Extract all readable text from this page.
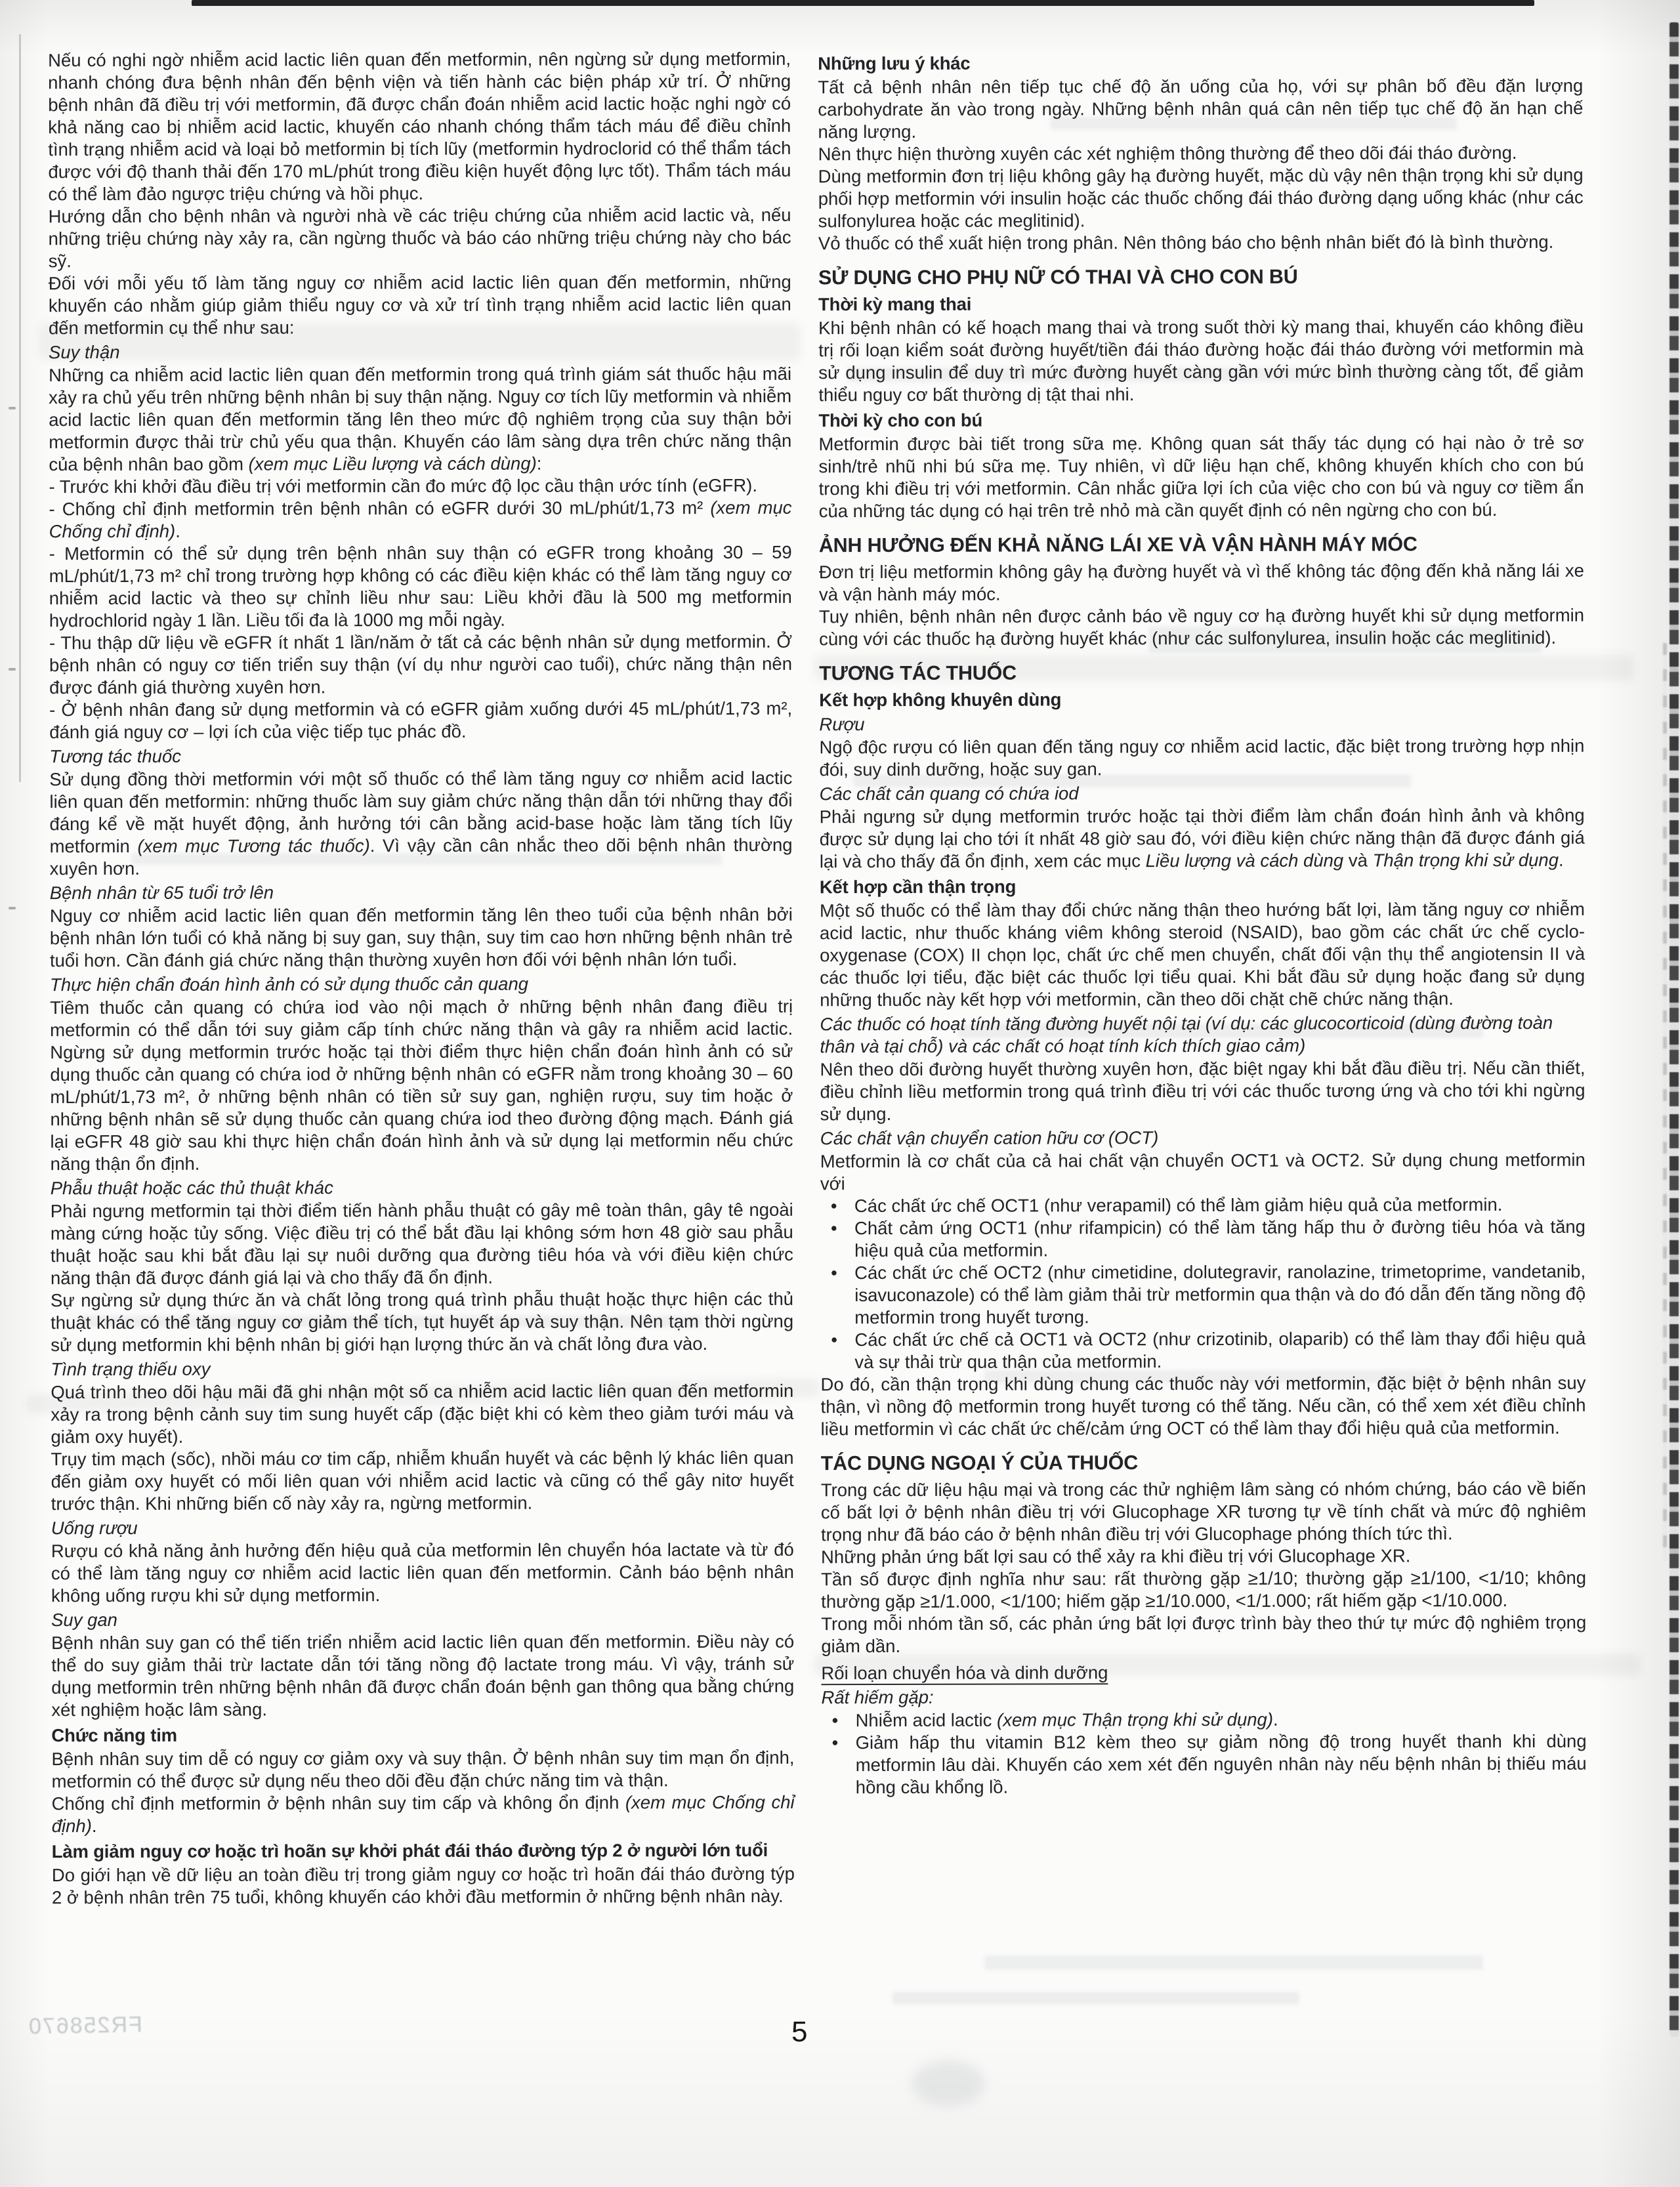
Nếu có nghi ngờ nhiễm acid lactic liên quan đến metformin, nên ngừng sử dụng metformin, nhanh chóng đưa bệnh nhân đến bệnh viện và tiến hành các biện pháp xử trí. Ở những bệnh nhân đã điều trị với metformin, đã được chẩn đoán nhiễm acid lactic hoặc nghi ngờ có khả năng cao bị nhiễm acid lactic, khuyến cáo nhanh chóng thẩm tách máu để điều chỉnh tình trạng nhiễm acid và loại bỏ metformin bị tích lũy (metformin hydroclorid có thể thẩm tách được với độ thanh thải đến 170 mL/phút trong điều kiện huyết động lực tốt). Thẩm tách máu có thể làm đảo ngược triệu chứng và hồi phục.
Hướng dẫn cho bệnh nhân và người nhà về các triệu chứng của nhiễm acid lactic và, nếu những triệu chứng này xảy ra, cần ngừng thuốc và báo cáo những triệu chứng này cho bác sỹ.
Đối với mỗi yếu tố làm tăng nguy cơ nhiễm acid lactic liên quan đến metformin, những khuyến cáo nhằm giúp giảm thiểu nguy cơ và xử trí tình trạng nhiễm acid lactic liên quan đến metformin cụ thể như sau:
Suy thận
Những ca nhiễm acid lactic liên quan đến metformin trong quá trình giám sát thuốc hậu mãi xảy ra chủ yếu trên những bệnh nhân bị suy thận nặng. Nguy cơ tích lũy metformin và nhiễm acid lactic liên quan đến metformin tăng lên theo mức độ nghiêm trọng của suy thận bởi metformin được thải trừ chủ yếu qua thận. Khuyến cáo lâm sàng dựa trên chức năng thận của bệnh nhân bao gồm (xem mục Liều lượng và cách dùng):
- Trước khi khởi đầu điều trị với metformin cần đo mức độ lọc cầu thận ước tính (eGFR).
- Chống chỉ định metformin trên bệnh nhân có eGFR dưới 30 mL/phút/1,73 m² (xem mục Chống chỉ định).
- Metformin có thể sử dụng trên bệnh nhân suy thận có eGFR trong khoảng 30 – 59 mL/phút/1,73 m² chỉ trong trường hợp không có các điều kiện khác có thể làm tăng nguy cơ nhiễm acid lactic và theo sự chỉnh liều như sau: Liều khởi đầu là 500 mg metformin hydrochlorid ngày 1 lần. Liều tối đa là 1000 mg mỗi ngày.
- Thu thập dữ liệu về eGFR ít nhất 1 lần/năm ở tất cả các bệnh nhân sử dụng metformin. Ở bệnh nhân có nguy cơ tiến triển suy thận (ví dụ như người cao tuổi), chức năng thận nên được đánh giá thường xuyên hơn.
- Ở bệnh nhân đang sử dụng metformin và có eGFR giảm xuống dưới 45 mL/phút/1,73 m², đánh giá nguy cơ – lợi ích của việc tiếp tục phác đồ.
Tương tác thuốc
Sử dụng đồng thời metformin với một số thuốc có thể làm tăng nguy cơ nhiễm acid lactic liên quan đến metformin: những thuốc làm suy giảm chức năng thận dẫn tới những thay đổi đáng kể về mặt huyết động, ảnh hưởng tới cân bằng acid-base hoặc làm tăng tích lũy metformin (xem mục Tương tác thuốc). Vì vậy cần cân nhắc theo dõi bệnh nhân thường xuyên hơn.
Bệnh nhân từ 65 tuổi trở lên
Nguy cơ nhiễm acid lactic liên quan đến metformin tăng lên theo tuổi của bệnh nhân bởi bệnh nhân lớn tuổi có khả năng bị suy gan, suy thận, suy tim cao hơn những bệnh nhân trẻ tuổi hơn. Cần đánh giá chức năng thận thường xuyên hơn đối với bệnh nhân lớn tuổi.
Thực hiện chẩn đoán hình ảnh có sử dụng thuốc cản quang
Tiêm thuốc cản quang có chứa iod vào nội mạch ở những bệnh nhân đang điều trị metformin có thể dẫn tới suy giảm cấp tính chức năng thận và gây ra nhiễm acid lactic. Ngừng sử dụng metformin trước hoặc tại thời điểm thực hiện chẩn đoán hình ảnh có sử dụng thuốc cản quang có chứa iod ở những bệnh nhân có eGFR nằm trong khoảng 30 – 60 mL/phút/1,73 m², ở những bệnh nhân có tiền sử suy gan, nghiện rượu, suy tim hoặc ở những bệnh nhân sẽ sử dụng thuốc cản quang chứa iod theo đường động mạch. Đánh giá lại eGFR 48 giờ sau khi thực hiện chẩn đoán hình ảnh và sử dụng lại metformin nếu chức năng thận ổn định.
Phẫu thuật hoặc các thủ thuật khác
Phải ngưng metformin tại thời điểm tiến hành phẫu thuật có gây mê toàn thân, gây tê ngoài màng cứng hoặc tủy sống. Việc điều trị có thể bắt đầu lại không sớm hơn 48 giờ sau phẫu thuật hoặc sau khi bắt đầu lại sự nuôi dưỡng qua đường tiêu hóa và với điều kiện chức năng thận đã được đánh giá lại và cho thấy đã ổn định.
Sự ngừng sử dụng thức ăn và chất lỏng trong quá trình phẫu thuật hoặc thực hiện các thủ thuật khác có thể tăng nguy cơ giảm thể tích, tụt huyết áp và suy thận. Nên tạm thời ngừng sử dụng metformin khi bệnh nhân bị giới hạn lượng thức ăn và chất lỏng đưa vào.
Tình trạng thiếu oxy
Quá trình theo dõi hậu mãi đã ghi nhận một số ca nhiễm acid lactic liên quan đến metformin xảy ra trong bệnh cảnh suy tim sung huyết cấp (đặc biệt khi có kèm theo giảm tưới máu và giảm oxy huyết).
Trụy tim mạch (sốc), nhồi máu cơ tim cấp, nhiễm khuẩn huyết và các bệnh lý khác liên quan đến giảm oxy huyết có mối liên quan với nhiễm acid lactic và cũng có thể gây nitơ huyết trước thận. Khi những biến cố này xảy ra, ngừng metformin.
Uống rượu
Rượu có khả năng ảnh hưởng đến hiệu quả của metformin lên chuyển hóa lactate và từ đó có thể làm tăng nguy cơ nhiễm acid lactic liên quan đến metformin. Cảnh báo bệnh nhân không uống rượu khi sử dụng metformin.
Suy gan
Bệnh nhân suy gan có thể tiến triển nhiễm acid lactic liên quan đến metformin. Điều này có thể do suy giảm thải trừ lactate dẫn tới tăng nồng độ lactate trong máu. Vì vậy, tránh sử dụng metformin trên những bệnh nhân đã được chẩn đoán bệnh gan thông qua bằng chứng xét nghiệm hoặc lâm sàng.
Chức năng tim
Bệnh nhân suy tim dễ có nguy cơ giảm oxy và suy thận. Ở bệnh nhân suy tim mạn ổn định, metformin có thể được sử dụng nếu theo dõi đều đặn chức năng tim và thận.
Chống chỉ định metformin ở bệnh nhân suy tim cấp và không ổn định (xem mục Chống chỉ định).
Làm giảm nguy cơ hoặc trì hoãn sự khởi phát đái tháo đường týp 2 ở người lớn tuổi
Do giới hạn về dữ liệu an toàn điều trị trong giảm nguy cơ hoặc trì hoãn đái tháo đường týp 2 ở bệnh nhân trên 75 tuổi, không khuyến cáo khởi đầu metformin ở những bệnh nhân này.
Những lưu ý khác
Tất cả bệnh nhân nên tiếp tục chế độ ăn uống của họ, với sự phân bố đều đặn lượng carbohydrate ăn vào trong ngày. Những bệnh nhân quá cân nên tiếp tục chế độ ăn hạn chế năng lượng.
Nên thực hiện thường xuyên các xét nghiệm thông thường để theo dõi đái tháo đường.
Dùng metformin đơn trị liệu không gây hạ đường huyết, mặc dù vậy nên thận trọng khi sử dụng phối hợp metformin với insulin hoặc các thuốc chống đái tháo đường dạng uống khác (như các sulfonylurea hoặc các meglitinid).
Vỏ thuốc có thể xuất hiện trong phân. Nên thông báo cho bệnh nhân biết đó là bình thường.
SỬ DỤNG CHO PHỤ NỮ CÓ THAI VÀ CHO CON BÚ
Thời kỳ mang thai
Khi bệnh nhân có kế hoạch mang thai và trong suốt thời kỳ mang thai, khuyến cáo không điều trị rối loạn kiểm soát đường huyết/tiền đái tháo đường hoặc đái tháo đường với metformin mà sử dụng insulin để duy trì mức đường huyết càng gần với mức bình thường càng tốt, để giảm thiểu nguy cơ bất thường dị tật thai nhi.
Thời kỳ cho con bú
Metformin được bài tiết trong sữa mẹ. Không quan sát thấy tác dụng có hại nào ở trẻ sơ sinh/trẻ nhũ nhi bú sữa mẹ. Tuy nhiên, vì dữ liệu hạn chế, không khuyến khích cho con bú trong khi điều trị với metformin. Cân nhắc giữa lợi ích của việc cho con bú và nguy cơ tiềm ẩn của những tác dụng có hại trên trẻ nhỏ mà cần quyết định có nên ngừng cho con bú.
ẢNH HƯỞNG ĐẾN KHẢ NĂNG LÁI XE VÀ VẬN HÀNH MÁY MÓC
Đơn trị liệu metformin không gây hạ đường huyết và vì thế không tác động đến khả năng lái xe và vận hành máy móc.
Tuy nhiên, bệnh nhân nên được cảnh báo về nguy cơ hạ đường huyết khi sử dụng metformin cùng với các thuốc hạ đường huyết khác (như các sulfonylurea, insulin hoặc các meglitinid).
TƯƠNG TÁC THUỐC
Kết hợp không khuyên dùng
Rượu
Ngộ độc rượu có liên quan đến tăng nguy cơ nhiễm acid lactic, đặc biệt trong trường hợp nhịn đói, suy dinh dưỡng, hoặc suy gan.
Các chất cản quang có chứa iod
Phải ngưng sử dụng metformin trước hoặc tại thời điểm làm chẩn đoán hình ảnh và không được sử dụng lại cho tới ít nhất 48 giờ sau đó, với điều kiện chức năng thận đã được đánh giá lại và cho thấy đã ổn định, xem các mục Liều lượng và cách dùng và Thận trọng khi sử dụng.
Kết hợp cần thận trọng
Một số thuốc có thể làm thay đổi chức năng thận theo hướng bất lợi, làm tăng nguy cơ nhiễm acid lactic, như thuốc kháng viêm không steroid (NSAID), bao gồm các chất ức chế cyclo-oxygenase (COX) II chọn lọc, chất ức chế men chuyển, chất đối vận thụ thể angiotensin II và các thuốc lợi tiểu, đặc biệt các thuốc lợi tiểu quai. Khi bắt đầu sử dụng hoặc đang sử dụng những thuốc này kết hợp với metformin, cần theo dõi chặt chẽ chức năng thận.
Các thuốc có hoạt tính tăng đường huyết nội tại (ví dụ: các glucocorticoid (dùng đường toàn thân và tại chỗ) và các chất có hoạt tính kích thích giao cảm)
Nên theo dõi đường huyết thường xuyên hơn, đặc biệt ngay khi bắt đầu điều trị. Nếu cần thiết, điều chỉnh liều metformin trong quá trình điều trị với các thuốc tương ứng và cho tới khi ngừng sử dụng.
Các chất vận chuyển cation hữu cơ (OCT)
Metformin là cơ chất của cả hai chất vận chuyển OCT1 và OCT2. Sử dụng chung metformin với
• Các chất ức chế OCT1 (như verapamil) có thể làm giảm hiệu quả của metformin.
• Chất cảm ứng OCT1 (như rifampicin) có thể làm tăng hấp thu ở đường tiêu hóa và tăng hiệu quả của metformin.
• Các chất ức chế OCT2 (như cimetidine, dolutegravir, ranolazine, trimetoprime, vandetanib, isavuconazole) có thể làm giảm thải trừ metformin qua thận và do đó dẫn đến tăng nồng độ metformin trong huyết tương.
• Các chất ức chế cả OCT1 và OCT2 (như crizotinib, olaparib) có thể làm thay đổi hiệu quả và sự thải trừ qua thận của metformin.
Do đó, cần thận trọng khi dùng chung các thuốc này với metformin, đặc biệt ở bệnh nhân suy thận, vì nồng độ metformin trong huyết tương có thể tăng. Nếu cần, có thể xem xét điều chỉnh liều metformin vì các chất ức chế/cảm ứng OCT có thể làm thay đổi hiệu quả của metformin.
TÁC DỤNG NGOẠI Ý CỦA THUỐC
Trong các dữ liệu hậu mại và trong các thử nghiệm lâm sàng có nhóm chứng, báo cáo về biến cố bất lợi ở bệnh nhân điều trị với Glucophage XR tương tự về tính chất và mức độ nghiêm trọng như đã báo cáo ở bệnh nhân điều trị với Glucophage phóng thích tức thì.
Những phản ứng bất lợi sau có thể xảy ra khi điều trị với Glucophage XR.
Tần số được định nghĩa như sau: rất thường gặp ≥1/10; thường gặp ≥1/100, <1/10; không thường gặp ≥1/1.000, <1/100; hiếm gặp ≥1/10.000, <1/1.000; rất hiếm gặp <1/10.000.
Trong mỗi nhóm tần số, các phản ứng bất lợi được trình bày theo thứ tự mức độ nghiêm trọng giảm dần.
Rối loạn chuyển hóa và dinh dưỡng
Rất hiếm gặp:
• Nhiễm acid lactic (xem mục Thận trọng khi sử dụng).
• Giảm hấp thu vitamin B12 kèm theo sự giảm nồng độ trong huyết thanh khi dùng metformin lâu dài. Khuyến cáo xem xét đến nguyên nhân này nếu bệnh nhân bị thiếu máu hồng cầu khổng lồ.
FR258670	5
